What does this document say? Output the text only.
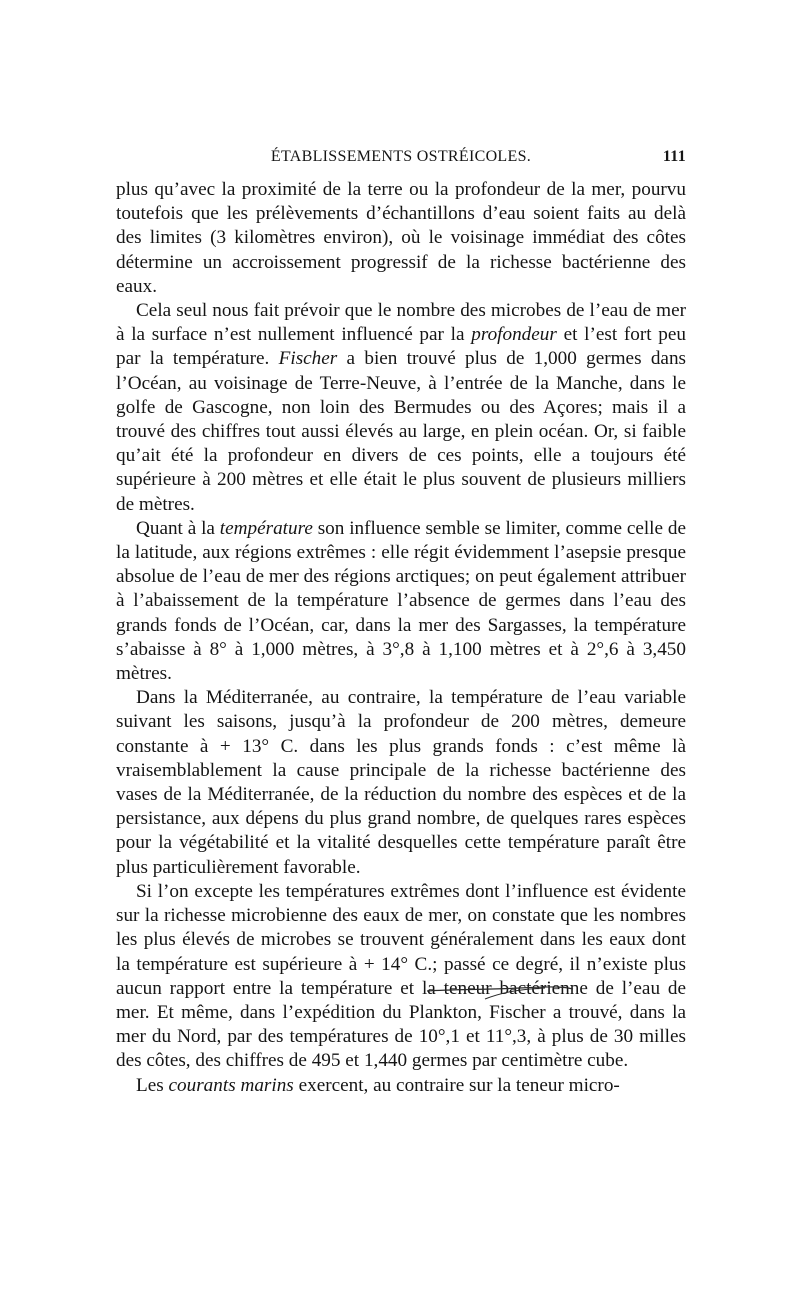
ÉTABLISSEMENTS OSTRÉICOLES.	111

plus qu’avec la proximité de la terre ou la profondeur de la mer, pourvu toutefois que les prélèvements d’échantillons d’eau soient faits au delà des limites (3 kilomètres environ), où le voisinage immédiat des côtes détermine un accroissement progressif de la richesse bactérienne des eaux.

Cela seul nous fait prévoir que le nombre des microbes de l’eau de mer à la surface n’est nullement influencé par la profondeur et l’est fort peu par la température. Fischer a bien trouvé plus de 1,000 germes dans l’Océan, au voisinage de Terre-Neuve, à l’entrée de la Manche, dans le golfe de Gascogne, non loin des Bermudes ou des Açores; mais il a trouvé des chiffres tout aussi élevés au large, en plein océan. Or, si faible qu’ait été la profondeur en divers de ces points, elle a toujours été supérieure à 200 mètres et elle était le plus souvent de plusieurs milliers de mètres.

Quant à la température son influence semble se limiter, comme celle de la latitude, aux régions extrêmes : elle régit évidemment l’asepsie presque absolue de l’eau de mer des régions arctiques; on peut également attribuer à l’abaissement de la température l’absence de germes dans l’eau des grands fonds de l’Océan, car, dans la mer des Sargasses, la température s’abaisse à 8° à 1,000 mètres, à 3°,8 à 1,100 mètres et à 2°,6 à 3,450 mètres.

Dans la Méditerranée, au contraire, la température de l’eau variable suivant les saisons, jusqu’à la profondeur de 200 mètres, demeure constante à + 13° C. dans les plus grands fonds : c’est même là vraisemblablement la cause principale de la richesse bactérienne des vases de la Méditerranée, de la réduction du nombre des espèces et de la persistance, aux dépens du plus grand nombre, de quelques rares espèces pour la végétabilité et la vitalité desquelles cette température paraît être plus particulièrement favorable.

Si l’on excepte les températures extrêmes dont l’influence est évidente sur la richesse microbienne des eaux de mer, on constate que les nombres les plus élevés de microbes se trouvent généralement dans les eaux dont la température est supérieure à + 14° C.; passé ce degré, il n’existe plus aucun rapport entre la température et la teneur bactérienne de l’eau de mer. Et même, dans l’expédition du Plankton, Fischer a trouvé, dans la mer du Nord, par des températures de 10°,1 et 11°,3, à plus de 30 milles des côtes, des chiffres de 495 et 1,440 germes par centimètre cube.

Les courants marins exercent, au contraire sur la teneur micro-
